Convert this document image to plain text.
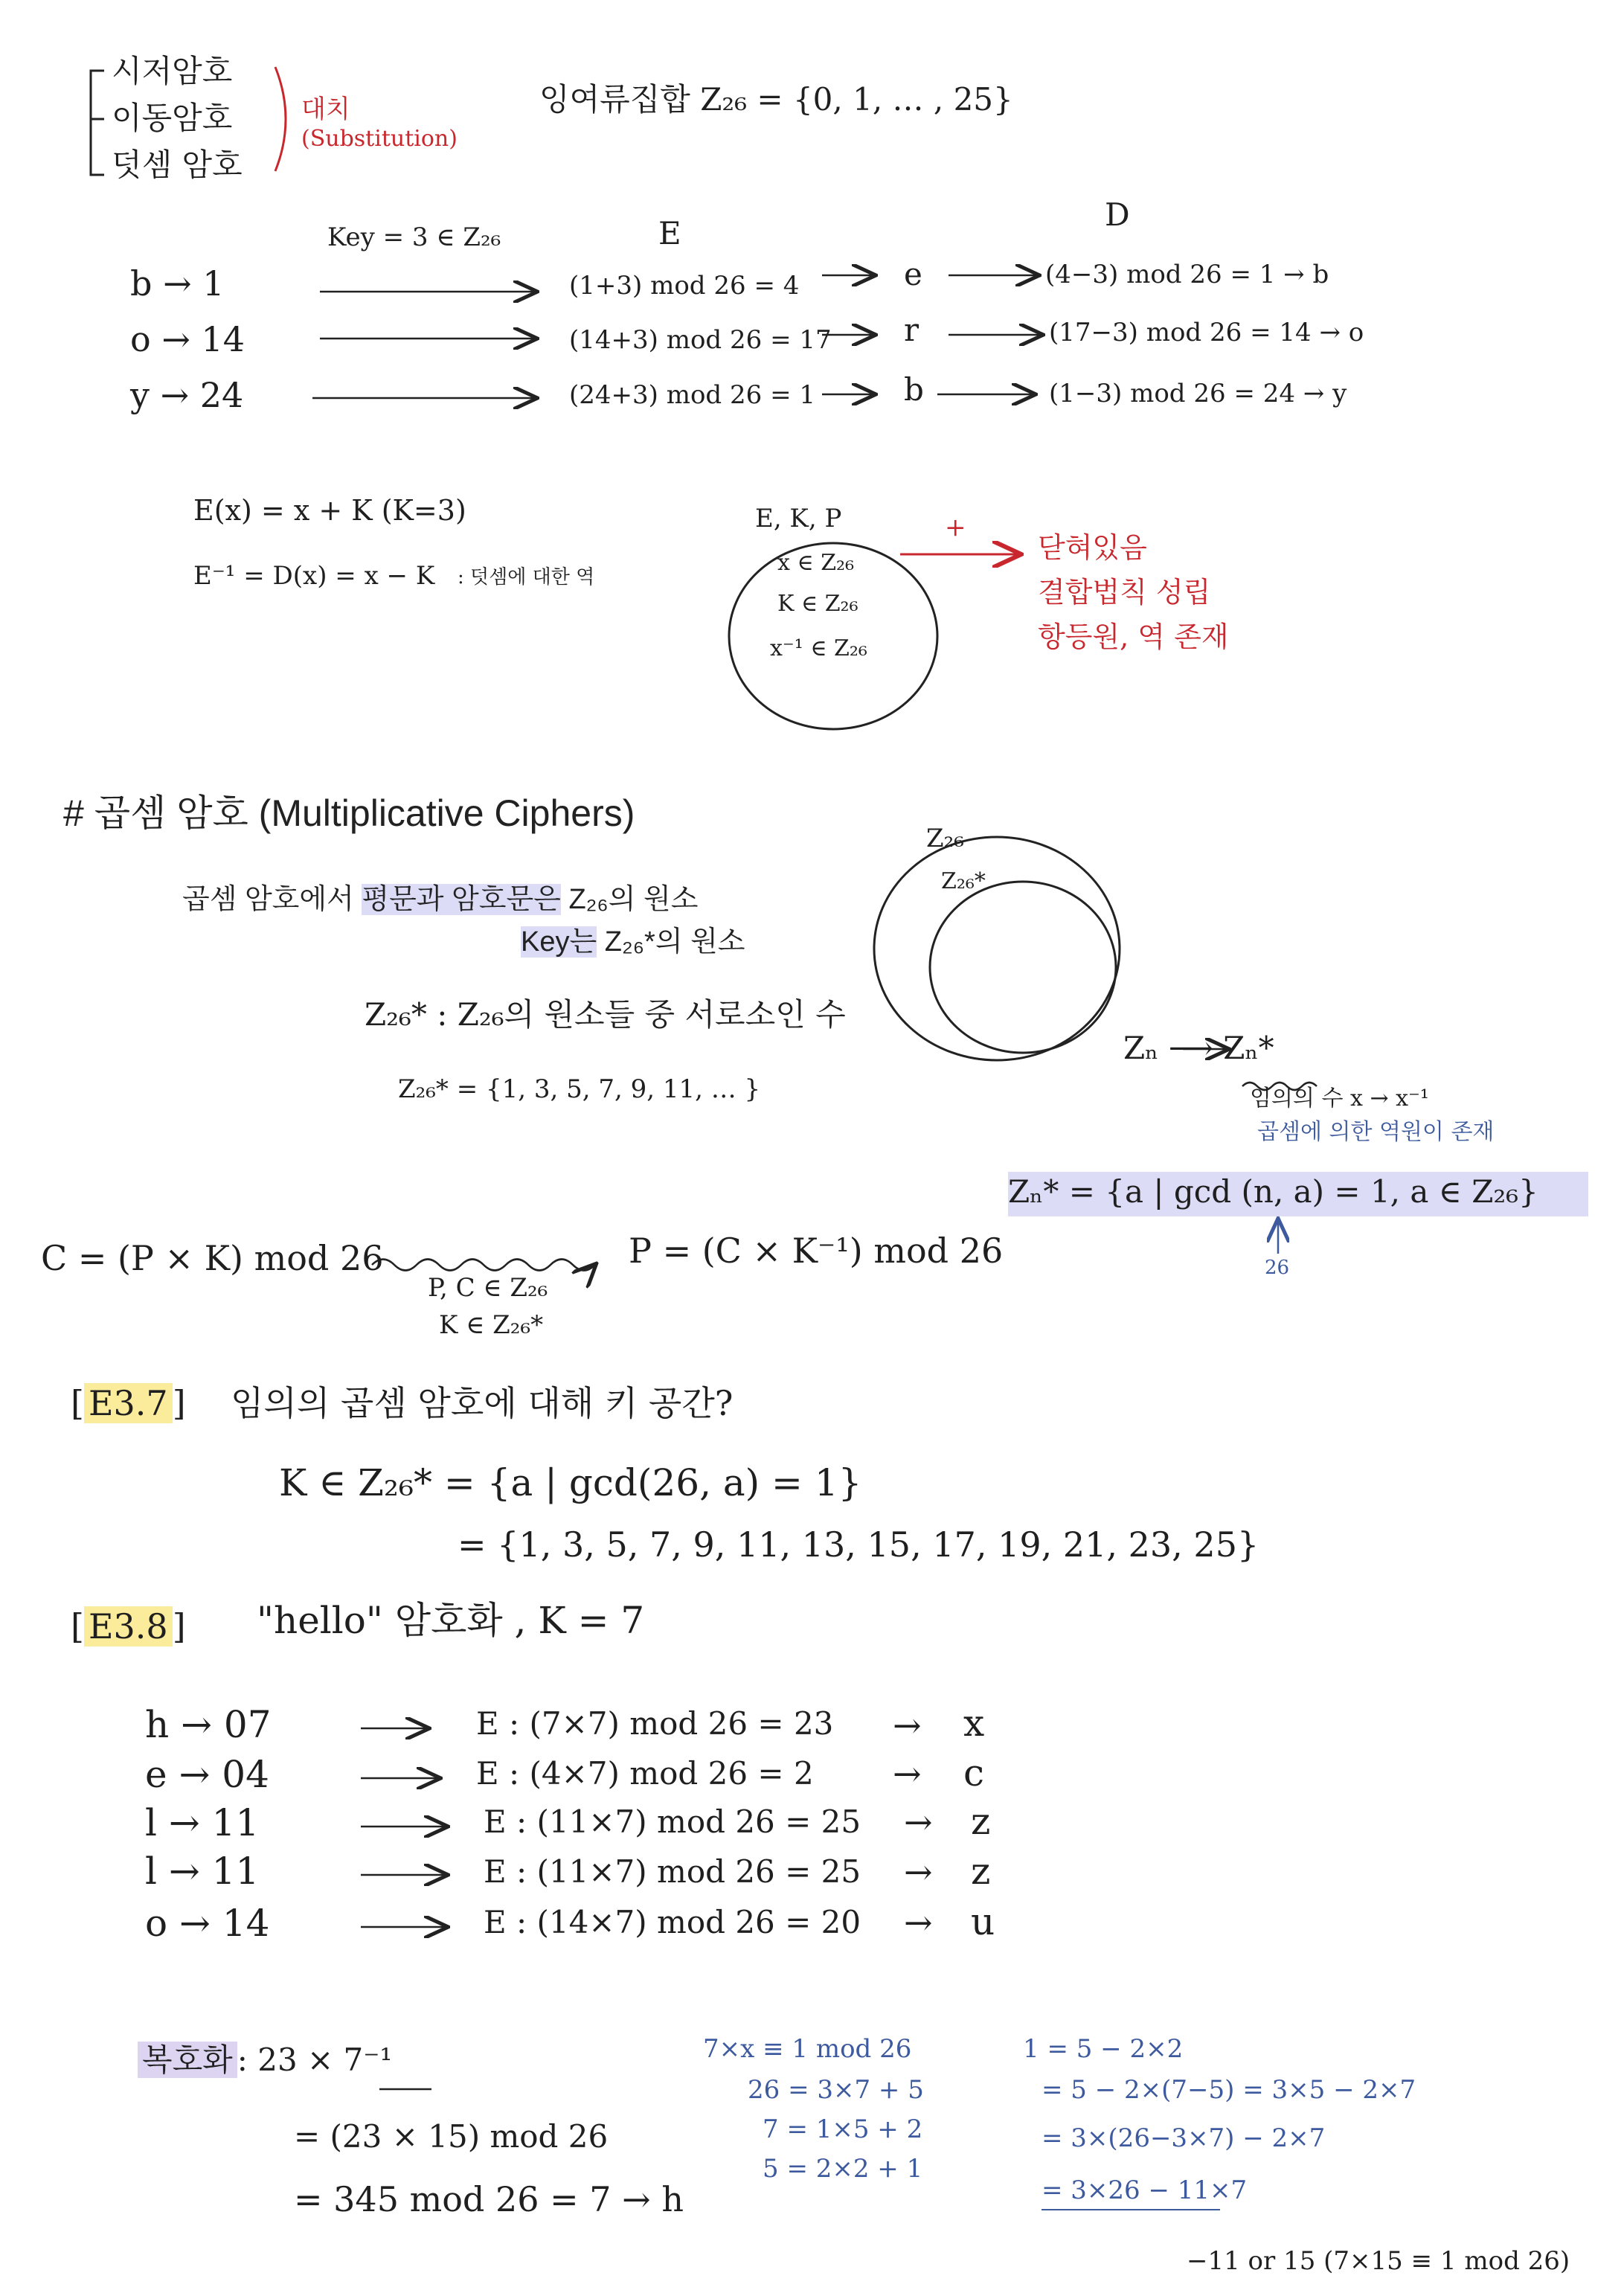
시저암호
이동암호
덧셈 암호
대치
(Substitution)
잉여류집합 Z₂₆ = {0, 1, … , 25}
Key = 3 ∈ Z₂₆	E
D
b → 1
o → 14
y → 24
(1+3) mod 26 = 4
(14+3) mod 26 = 17
(24+3) mod 26 = 1
e
r
b
(4−3) mod 26 = 1 → b
(17−3) mod 26 = 14 → o
(1−3) mod 26 = 24 → y
E(x) = x + K (K=3)
E⁻¹ = D(x) = x − K : 덧셈에 대한 역
E, K, P
x ∈ Z₂₆
K ∈ Z₂₆
x⁻¹ ∈ Z₂₆
+
닫혀있음
결합법칙 성립
항등원, 역 존재
# 곱셈 암호 (Multiplicative Ciphers)
곱셈 암호에서 평문과 암호문은 Z₂₆의 원소
Key는 Z₂₆*의 원소
Z₂₆* : Z₂₆의 원소들 중 서로소인 수
Z₂₆* = {1, 3, 5, 7, 9, 11, … }
Z₂₆
Z₂₆*
Zₙ ⟶ Zₙ*
임의의 수 x → x⁻¹
곱셈에 의한 역원이 존재
Zₙ* = {a | gcd (n, a) = 1, a ∈ Z₂₆}
26
C = (P × K) mod 26	P = (C × K⁻¹) mod 26
P, C ∈ Z₂₆
K ∈ Z₂₆*
[ E3.7 ] 임의의 곱셈 암호에 대해 키 공간?
K ∈ Z₂₆* = {a | gcd(26, a) = 1}
= {1, 3, 5, 7, 9, 11, 13, 15, 17, 19, 21, 23, 25}
[ E3.8 ] "hello" 암호화 , K = 7
h → 07
e → 04
l → 11
l → 11
o → 14
E : (7×7) mod 26 = 23
E : (4×7) mod 26 = 2
E : (11×7) mod 26 = 25
E : (11×7) mod 26 = 25
E : (14×7) mod 26 = 20
→
→
→
→
→
x
c
z
z
u
복호화 : 23 × 7⁻¹
= (23 × 15) mod 26
= 345 mod 26 = 7 → h
7×x ≡ 1 mod 26
26 = 3×7 + 5
7 = 1×5 + 2
5 = 2×2 + 1
1 = 5 − 2×2
= 5 − 2×(7−5) = 3×5 − 2×7
= 3×(26−3×7) − 2×7
= 3×26 − 11×7
−11 or 15 (7×15 ≡ 1 mod 26)
